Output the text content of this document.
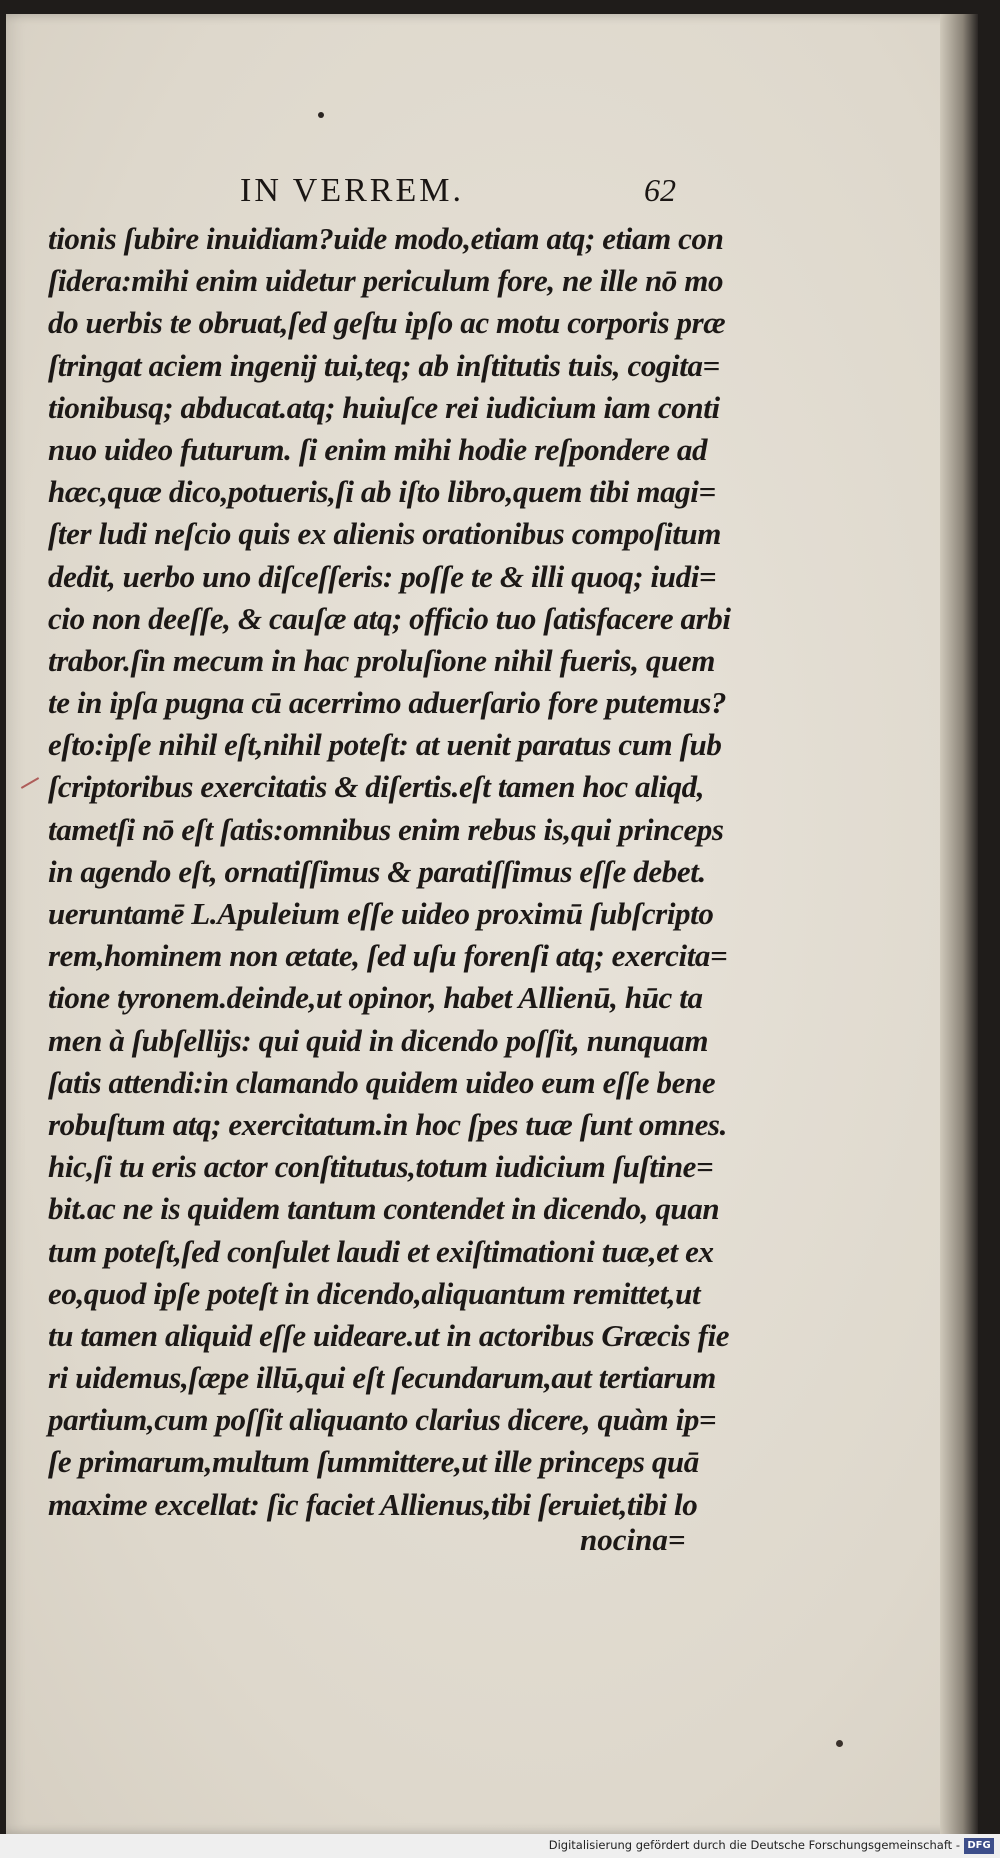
IN VERREM.	62
tionis ſubire inuidiam?uide modo,etiam atq; etiam con
ſidera:mihi enim uidetur periculum fore, ne ille nō mo
do uerbis te obruat,ſed geſtu ipſo ac motu corporis præ
ſtringat aciem ingenij tui,teq; ab inſtitutis tuis, cogita=
tionibusq; abducat.atq; huiuſce rei iudicium iam conti
nuo uideo futurum. ſi enim mihi hodie reſpondere ad
hæc,quæ dico,potueris,ſi ab iſto libro,quem tibi magi=
ſter ludi neſcio quis ex alienis orationibus compoſitum
dedit, uerbo uno diſceſſeris: poſſe te & illi quoq; iudi=
cio non deeſſe, & cauſæ atq; officio tuo ſatisfacere arbi
trabor.ſin mecum in hac proluſione nihil fueris, quem
te in ipſa pugna cū acerrimo aduerſario fore putemus?
eſto:ipſe nihil eſt,nihil poteſt: at uenit paratus cum ſub
ſcriptoribus exercitatis & diſertis.eſt tamen hoc aliqd,
tametſi nō eſt ſatis:omnibus enim rebus is,qui princeps
in agendo eſt, ornatiſſimus & paratiſſimus eſſe debet.
ueruntamē L.Apuleium eſſe uideo proximū ſubſcripto
rem,hominem non ætate, ſed uſu forenſi atq; exercita=
tione tyronem.deinde,ut opinor, habet Allienū, hūc ta
men à ſubſellijs: qui quid in dicendo poſſit, nunquam
ſatis attendi:in clamando quidem uideo eum eſſe bene
robuſtum atq; exercitatum.in hoc ſpes tuæ ſunt omnes.
hic,ſi tu eris actor conſtitutus,totum iudicium ſuſtine=
bit.ac ne is quidem tantum contendet in dicendo, quan
tum poteſt,ſed conſulet laudi et exiſtimationi tuæ,et ex
eo,quod ipſe poteſt in dicendo,aliquantum remittet,ut
tu tamen aliquid eſſe uideare.ut in actoribus Græcis fie
ri uidemus,ſæpe illū,qui eſt ſecundarum,aut tertiarum
partium,cum poſſit aliquanto clarius dicere, quàm ip=
ſe primarum,multum ſummittere,ut ille princeps quā
maxime excellat: ſic faciet Allienus,tibi ſeruiet,tibi lo
nocina=
Digitalisierung gefördert durch die Deutsche Forschungsgemeinschaft - DFG
